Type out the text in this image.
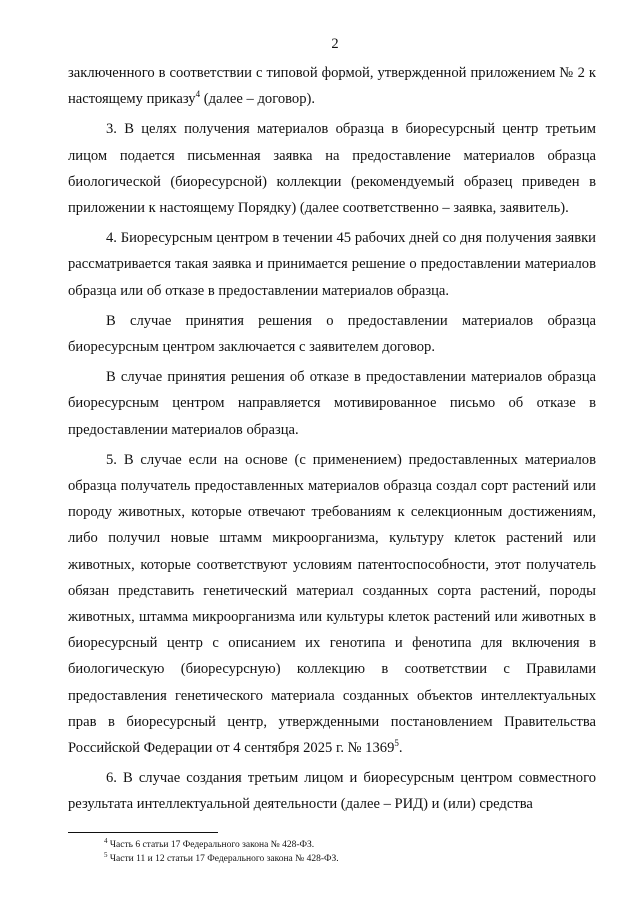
2

заключенного в соответствии с типовой формой, утвержденной приложением № 2 к настоящему приказу$^4$ (далее – договор).

3. В целях получения материалов образца в биоресурсный центр третьим лицом подается письменная заявка на предоставление материалов образца биологической (биоресурсной) коллекции (рекомендуемый образец приведен в приложении к настоящему Порядку) (далее соответственно – заявка, заявитель).

4. Биоресурсным центром в течении 45 рабочих дней со дня получения заявки рассматривается такая заявка и принимается решение о предоставлении материалов образца или об отказе в предоставлении материалов образца.

В случае принятия решения о предоставлении материалов образца биоресурсным центром заключается с заявителем договор.

В случае принятия решения об отказе в предоставлении материалов образца биоресурсным центром направляется мотивированное письмо об отказе в предоставлении материалов образца.

5. В случае если на основе (с применением) предоставленных материалов образца получатель предоставленных материалов образца создал сорт растений или породу животных, которые отвечают требованиям к селекционным достижениям, либо получил новые штамм микроорганизма, культуру клеток растений или животных, которые соответствуют условиям патентоспособности, этот получатель обязан представить генетический материал созданных сорта растений, породы животных, штамма микроорганизма или культуры клеток растений или животных в биоресурсный центр с описанием их генотипа и фенотипа для включения в биологическую (биоресурсную) коллекцию в соответствии с Правилами предоставления генетического материала созданных объектов интеллектуальных прав в биоресурсный центр, утвержденными постановлением Правительства Российской Федерации от 4 сентября 2025 г. № 1369$^5$.

6. В случае создания третьим лицом и биоресурсным центром совместного результата интеллектуальной деятельности (далее – РИД) и (или) средства

$^4$ Часть 6 статьи 17 Федерального закона № 428-ФЗ.
$^5$ Части 11 и 12 статьи 17 Федерального закона № 428-ФЗ.
